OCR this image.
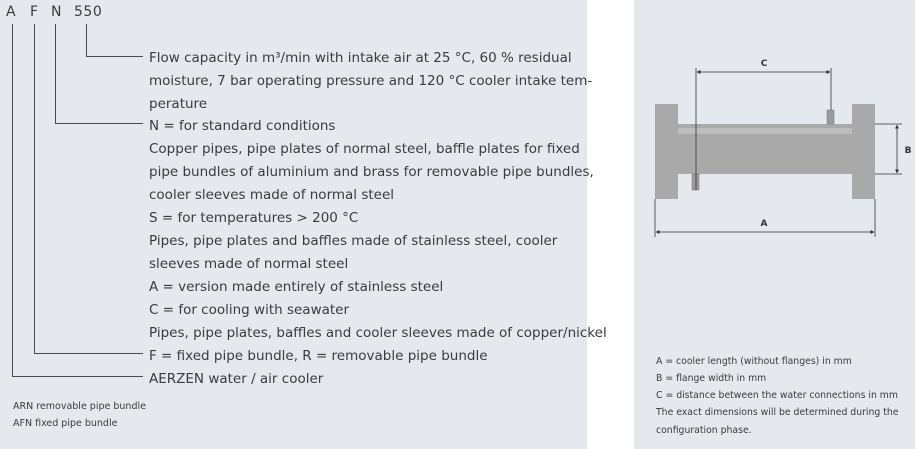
A F N 550
Flow capacity in m³/min with intake air at 25 °C, 60 % residual
moisture, 7 bar operating pressure and 120 °C cooler intake tem-
perature
N = for standard conditions
Copper pipes, pipe plates of normal steel, baffle plates for fixed
pipe bundles of aluminium and brass for removable pipe bundles,
cooler sleeves made of normal steel
S = for temperatures > 200 °C
Pipes, pipe plates and baffles made of stainless steel, cooler
sleeves made of normal steel
A = version made entirely of stainless steel
C = for cooling with seawater
Pipes, pipe plates, baffles and cooler sleeves made of copper/nickel
F = fixed pipe bundle, R = removable pipe bundle
AERZEN water / air cooler
ARN removable pipe bundle
AFN fixed pipe bundle
C
B
A
A = cooler length (without flanges) in mm
B = flange width in mm
C = distance between the water connections in mm
The exact dimensions will be determined during the
configuration phase.
